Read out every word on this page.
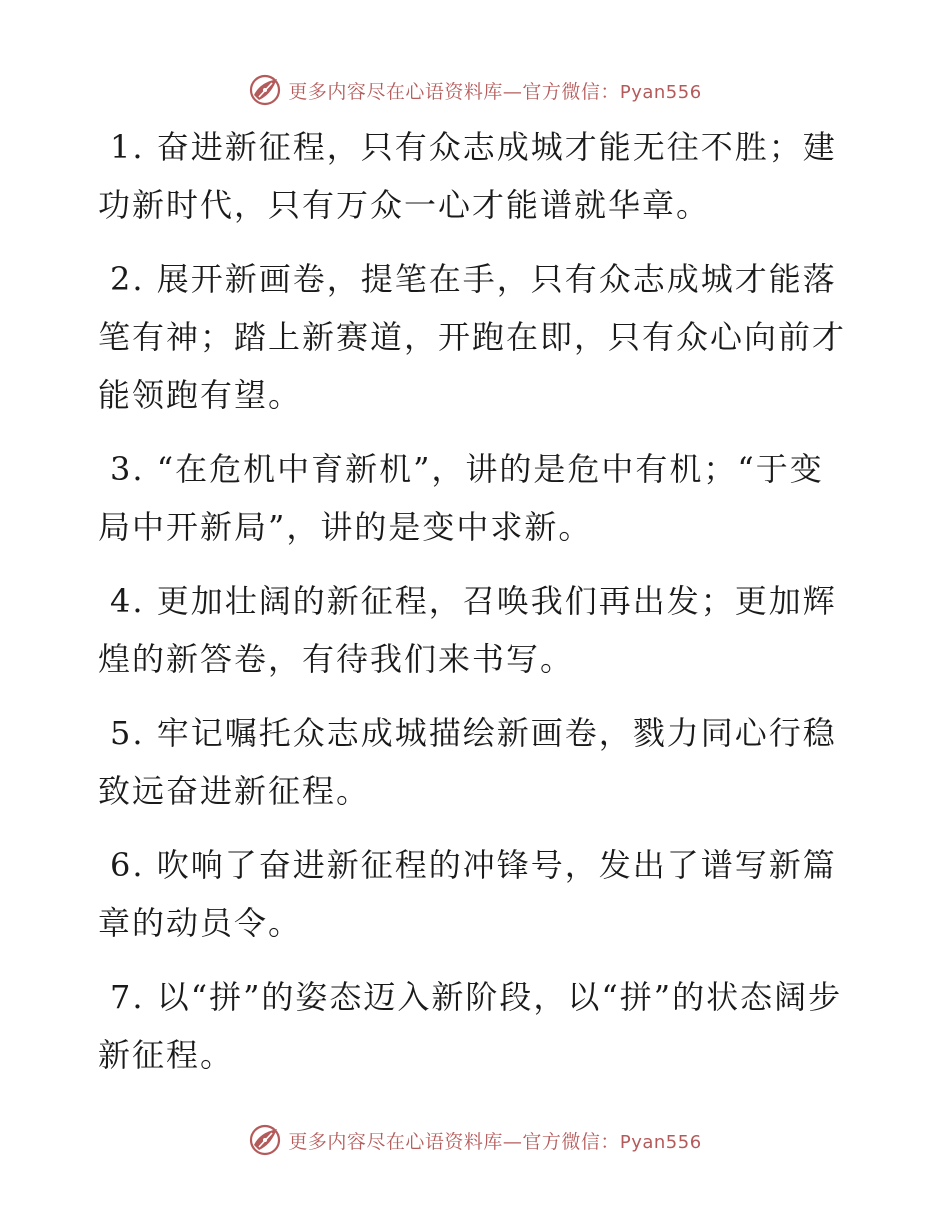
更多内容尽在心语资料库—官方微信：Pyan556

1. 奋进新征程，只有众志成城才能无往不胜；建功新时代，只有万众一心才能谱就华章。

2. 展开新画卷，提笔在手，只有众志成城才能落笔有神；踏上新赛道，开跑在即，只有众心向前才能领跑有望。

3. “在危机中育新机”，讲的是危中有机；“于变局中开新局”，讲的是变中求新。

4. 更加壮阔的新征程，召唤我们再出发；更加辉煌的新答卷，有待我们来书写。

5. 牢记嘱托众志成城描绘新画卷，戮力同心行稳致远奋进新征程。

6. 吹响了奋进新征程的冲锋号，发出了谱写新篇章的动员令。

7. 以“拼”的姿态迈入新阶段，以“拼”的状态阔步新征程。

更多内容尽在心语资料库—官方微信：Pyan556
